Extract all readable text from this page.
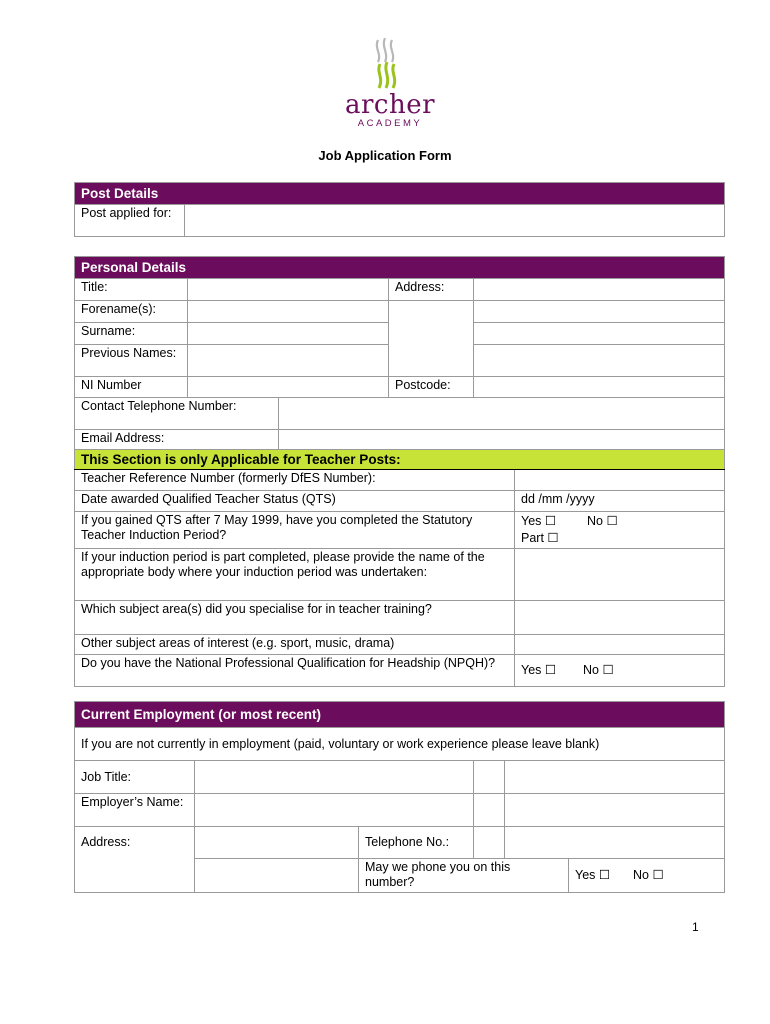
archer
ACADEMY
Job Application Form
Post Details
Post applied for:	
Personal Details					
Title:			Address:		
Forename(s):					
Surname:					
Previous Names:					
NI Number			Postcode:		
Contact Telephone Number:					
Email Address:					
This Section is only Applicable for Teacher Posts:					
Teacher Reference Number (formerly DfES Number):					
Date awarded Qualified Teacher Status (QTS)					dd /mm /yyyy
If you gained QTS after 7 May 1999, have you completed the Statutory Teacher Induction Period?					Yes ☐ No ☐
Part ☐
If your induction period is part completed, please provide the name of the appropriate body where your induction period was undertaken:					
Which subject area(s) did you specialise for in teacher training?					
Other subject areas of interest (e.g. sport, music, drama)					
Do you have the National Professional Qualification for Headship (NPQH)?					Yes ☐ No ☐
Current Employment (or most recent)					
If you are not currently in employment (paid, voluntary or work experience please leave blank)					
Job Title:					
Employer’s Name:					
Address:		Telephone No.:			
		May we phone you on this number?			Yes ☐ No ☐
1
